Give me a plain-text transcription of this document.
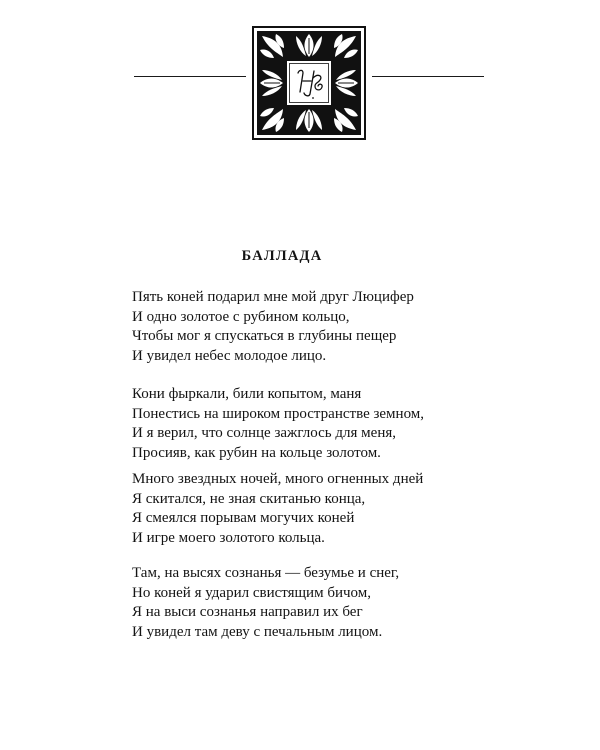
БАЛЛАДА

Пять коней подарил мне мой друг Люцифер
И одно золотое с рубином кольцо,
Чтобы мог я спускаться в глубины пещер
И увидел небес молодое лицо.

Кони фыркали, били копытом, маня
Понестись на широком пространстве земном,
И я верил, что солнце зажглось для меня,
Просияв, как рубин на кольце золотом.

Много звездных ночей, много огненных дней
Я скитался, не зная скитанью конца,
Я смеялся порывам могучих коней
И игре моего золотого кольца.

Там, на высях сознанья — безумье и снег,
Но коней я ударил свистящим бичом,
Я на выси сознанья направил их бег
И увидел там деву с печальным лицом.
